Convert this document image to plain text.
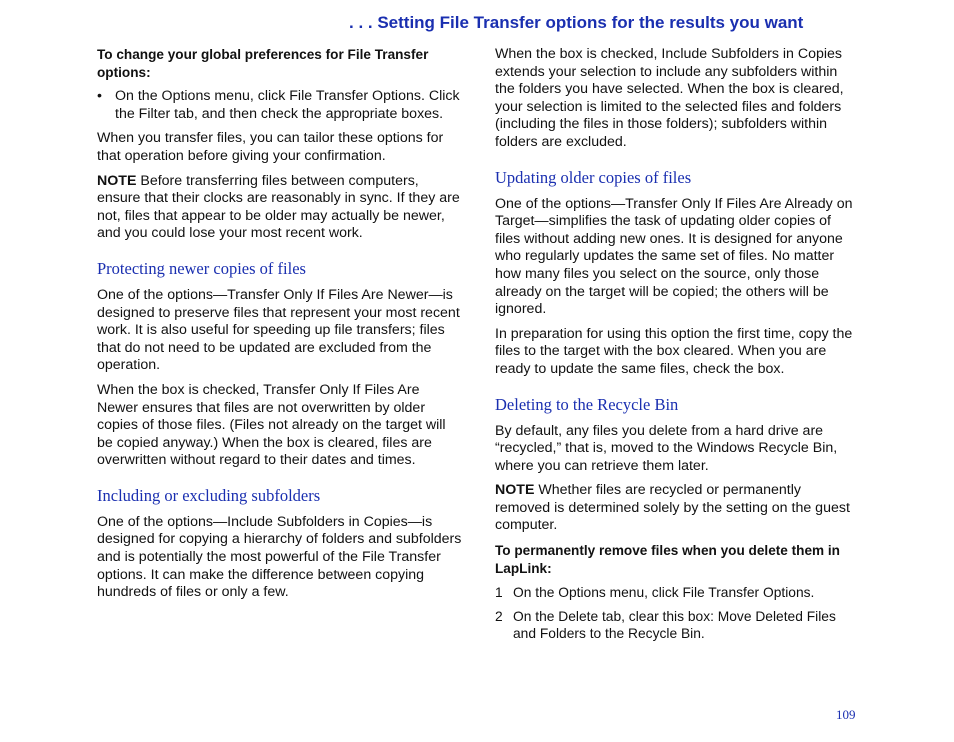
. . . Setting File Transfer options for the results you want

To change your global preferences for File Transfer options:

• On the Options menu, click File Transfer Options. Click the Filter tab, and then check the appropriate boxes.

When you transfer files, you can tailor these options for that operation before giving your confirmation.

NOTE Before transferring files between computers, ensure that their clocks are reasonably in sync. If they are not, files that appear to be older may actually be newer, and you could lose your most recent work.

Protecting newer copies of files

One of the options—Transfer Only If Files Are Newer—is designed to preserve files that represent your most recent work. It is also useful for speeding up file transfers; files that do not need to be updated are excluded from the operation.

When the box is checked, Transfer Only If Files Are Newer ensures that files are not overwritten by older copies of those files. (Files not already on the target will be copied anyway.) When the box is cleared, files are overwritten without regard to their dates and times.

Including or excluding subfolders

One of the options—Include Subfolders in Copies—is designed for copying a hierarchy of folders and subfolders and is potentially the most powerful of the File Transfer options. It can make the difference between copying hundreds of files or only a few.

When the box is checked, Include Subfolders in Copies extends your selection to include any subfolders within the folders you have selected. When the box is cleared, your selection is limited to the selected files and folders (including the files in those folders); subfolders within folders are excluded.

Updating older copies of files

One of the options—Transfer Only If Files Are Already on Target—simplifies the task of updating older copies of files without adding new ones. It is designed for anyone who regularly updates the same set of files. No matter how many files you select on the source, only those already on the target will be copied; the others will be ignored.

In preparation for using this option the first time, copy the files to the target with the box cleared. When you are ready to update the same files, check the box.

Deleting to the Recycle Bin

By default, any files you delete from a hard drive are “recycled,” that is, moved to the Windows Recycle Bin, where you can retrieve them later.

NOTE Whether files are recycled or permanently removed is determined solely by the setting on the guest computer.

To permanently remove files when you delete them in LapLink:

1 On the Options menu, click File Transfer Options.
2 On the Delete tab, clear this box: Move Deleted Files and Folders to the Recycle Bin.
109
